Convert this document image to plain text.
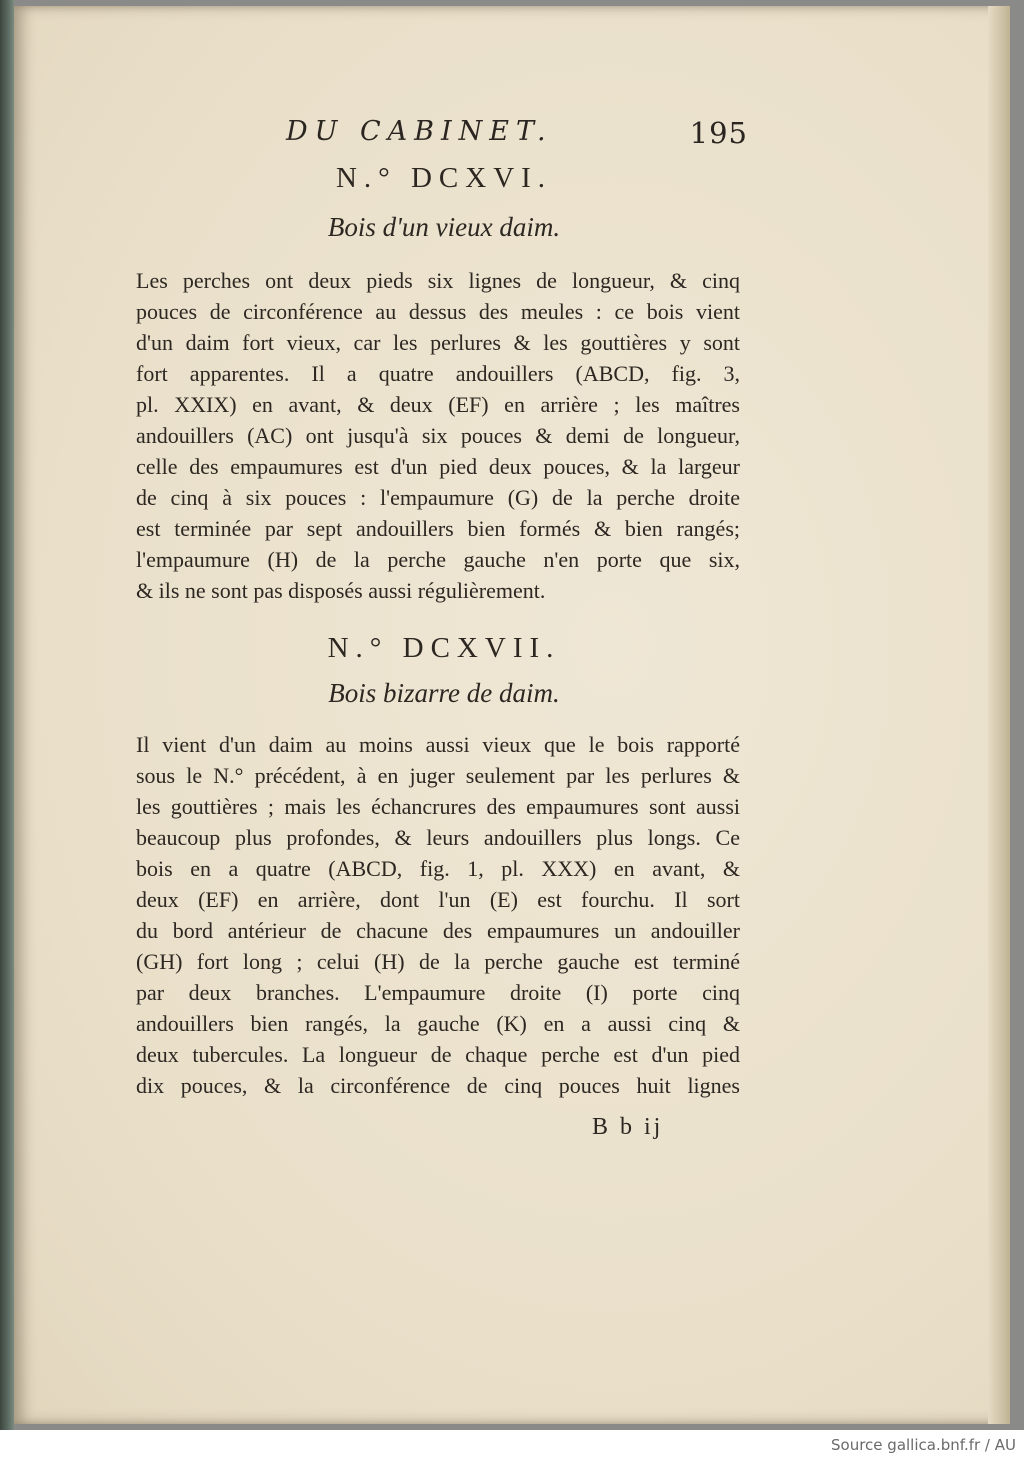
DU CABINET.	195
N.° DCXVI.
Bois d'un vieux daim.
Les perches ont deux pieds six lignes de longueur, & cinq
pouces de circonférence au dessus des meules : ce bois vient
d'un daim fort vieux, car les perlures & les gouttières y sont
fort apparentes. Il a quatre andouillers (ABCD, fig. 3,
pl. XXIX) en avant, & deux (EF) en arrière ; les maîtres
andouillers (AC) ont jusqu'à six pouces & demi de longueur,
celle des empaumures est d'un pied deux pouces, & la largeur
de cinq à six pouces : l'empaumure (G) de la perche droite
est terminée par sept andouillers bien formés & bien rangés;
l'empaumure (H) de la perche gauche n'en porte que six,
& ils ne sont pas disposés aussi régulièrement.
N.° DCXVII.
Bois bizarre de daim.
Il vient d'un daim au moins aussi vieux que le bois rapporté
sous le N.° précédent, à en juger seulement par les perlures &
les gouttières ; mais les échancrures des empaumures sont aussi
beaucoup plus profondes, & leurs andouillers plus longs. Ce
bois en a quatre (ABCD, fig. 1, pl. XXX) en avant, &
deux (EF) en arrière, dont l'un (E) est fourchu. Il sort
du bord antérieur de chacune des empaumures un andouiller
(GH) fort long ; celui (H) de la perche gauche est terminé
par deux branches. L'empaumure droite (I) porte cinq
andouillers bien rangés, la gauche (K) en a aussi cinq &
deux tubercules. La longueur de chaque perche est d'un pied
dix pouces, & la circonférence de cinq pouces huit lignes
B b ij
Source gallica.bnf.fr / AU
